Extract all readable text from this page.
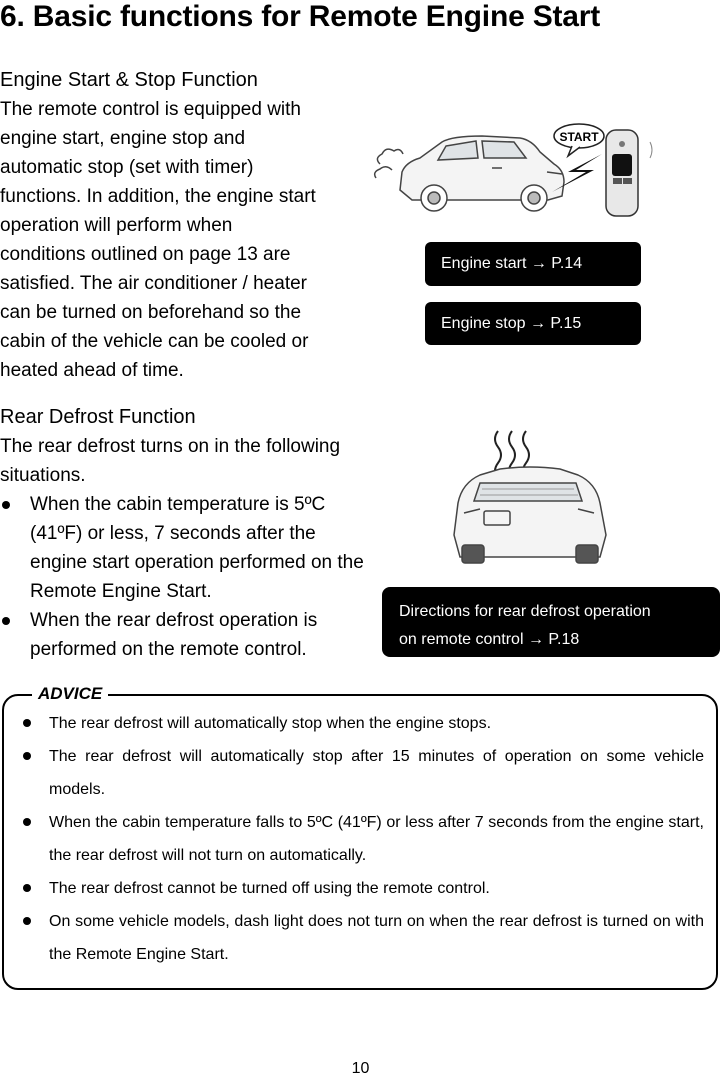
6. Basic functions for Remote Engine Start
Engine Start & Stop Function
The remote control is equipped with
engine start, engine stop and
automatic stop (set with timer)
functions. In addition, the engine start
operation will perform when
conditions outlined on page 13 are
satisfied. The air conditioner / heater
can be turned on beforehand so the
cabin of the vehicle can be cooled or
heated ahead of time.
START
Engine start → P.14
Engine stop → P.15
Rear Defrost Function
The rear defrost turns on in the following
situations.
When the cabin temperature is 5ºC (41ºF) or less, 7 seconds after the engine start operation performed on the Remote Engine Start.
When the rear defrost operation is performed on the remote control.
Directions for rear defrost operation
on remote control → P.18
ADVICE
The rear defrost will automatically stop when the engine stops.
The rear defrost will automatically stop after 15 minutes of operation on some vehicle models.
When the cabin temperature falls to 5ºC (41ºF) or less after 7 seconds from the engine start, the rear defrost will not turn on automatically.
The rear defrost cannot be turned off using the remote control.
On some vehicle models, dash light does not turn on when the rear defrost is turned on with the Remote Engine Start.
10
